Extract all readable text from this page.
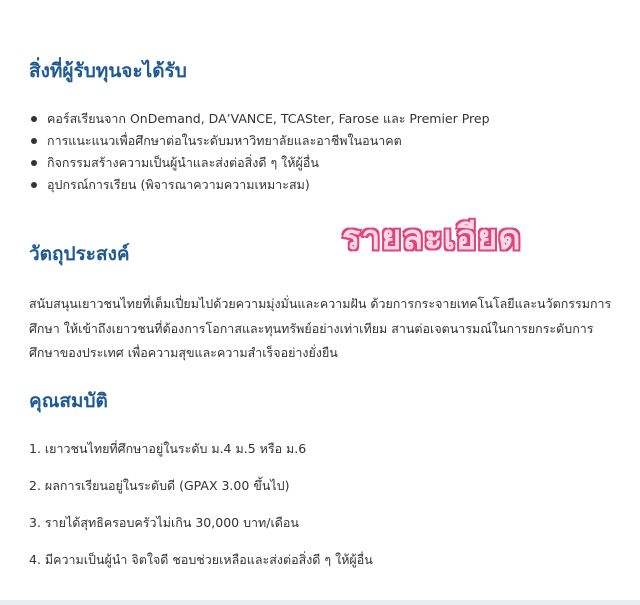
สิ่งที่ผู้รับทุนจะได้รับ
คอร์สเรียนจาก OnDemand, DA’VANCE, TCASter, Farose และ Premier Prep
การแนะแนวเพื่อศึกษาต่อในระดับมหาวิทยาลัยและอาชีพในอนาคต
กิจกรรมสร้างความเป็นผู้นำและส่งต่อสิ่งดี ๆ ให้ผู้อื่น
อุปกรณ์การเรียน (พิจารณาความความเหมาะสม)
รายละเอียด
วัตถุประสงค์

สนับสนุนเยาวชนไทยที่เต็มเปี่ยมไปด้วยความมุ่งมั่นและความฝัน ด้วยการกระจายเทคโนโลยีและนวัตกรรมการศึกษา ให้เข้าถึงเยาวชนที่ต้องการโอกาสและทุนทรัพย์อย่างเท่าเทียม สานต่อเจตนารมณ์ในการยกระดับการศึกษาของประเทศ เพื่อความสุขและความสำเร็จอย่างยั่งยืน

คุณสมบัติ
1. เยาวชนไทยที่ศึกษาอยู่ในระดับ ม.4 ม.5 หรือ ม.6
2. ผลการเรียนอยู่ในระดับดี (GPAX 3.00 ขึ้นไป)
3. รายได้สุทธิครอบครัวไม่เกิน 30,000 บาท/เดือน
4. มีความเป็นผู้นำ จิตใจดี ชอบช่วยเหลือและส่งต่อสิ่งดี ๆ ให้ผู้อื่น
